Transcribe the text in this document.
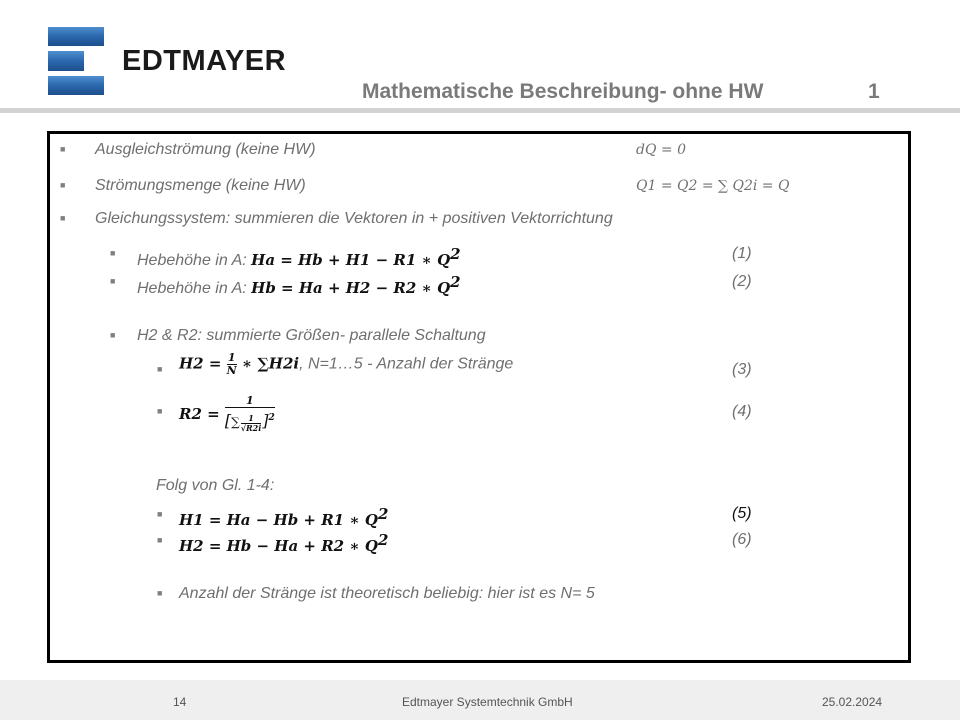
EDTMAYER
Mathematische Beschreibung- ohne HW	1
■ Ausgleichströmung (keine HW)	dQ = 0
■ Strömungsmenge (keine HW)	Q1 = Q2 = ∑ Q2i = Q
■ Gleichungssystem: summieren die Vektoren in + positiven Vektorrichtung
■ Hebehöhe in A: Ha = Hb + H1 − R1 ∗ $Q^2$	(1)
■ Hebehöhe in A: Hb = Ha + H2 − R2 ∗ $Q^2$	(2)
■ H2 & R2: summierte Größen- parallele Schaltung
■ $H2 = \frac{1}{N}$ ∗ ∑H2i, N=1…5 - Anzahl der Stränge	(3)
■ $R2 = \frac{1}{[\sum \frac{1}{√R2i} ]^2}$	(4)
Folg von Gl. 1-4:
■ H1 = Ha − Hb + R1 ∗ $Q^2$	(5)
■ H2 = Hb − Ha + R2 ∗ $Q^2$	(6)
■ Anzahl der Stränge ist theoretisch beliebig: hier ist es N= 5
14	Edtmayer Systemtechnik GmbH	25.02.2024
